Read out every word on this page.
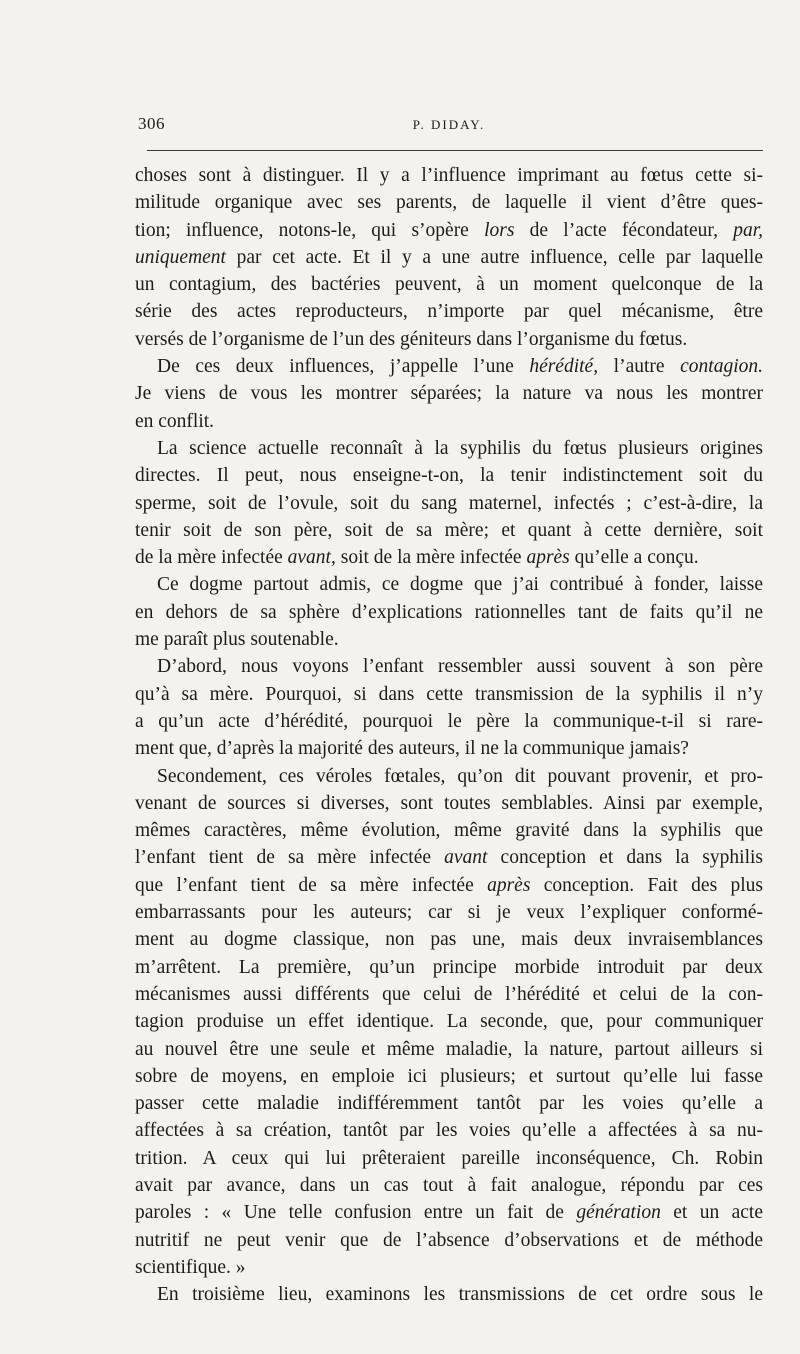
306	P. DIDAY.
choses sont à distinguer. Il y a l’influence imprimant au fœtus cette si-
militude organique avec ses parents, de laquelle il vient d’être ques-
tion; influence, notons-le, qui s’opère lors de l’acte fécondateur, par,
uniquement par cet acte. Et il y a une autre influence, celle par laquelle
un contagium, des bactéries peuvent, à un moment quelconque de la
série des actes reproducteurs, n’importe par quel mécanisme, être
versés de l’organisme de l’un des géniteurs dans l’organisme du fœtus.
De ces deux influences, j’appelle l’une hérédité, l’autre contagion.
Je viens de vous les montrer séparées; la nature va nous les montrer
en conflit.
La science actuelle reconnaît à la syphilis du fœtus plusieurs origines
directes. Il peut, nous enseigne-t-on, la tenir indistinctement soit du
sperme, soit de l’ovule, soit du sang maternel, infectés ; c’est-à-dire, la
tenir soit de son père, soit de sa mère; et quant à cette dernière, soit
de la mère infectée avant, soit de la mère infectée après qu’elle a conçu.
Ce dogme partout admis, ce dogme que j’ai contribué à fonder, laisse
en dehors de sa sphère d’explications rationnelles tant de faits qu’il ne
me paraît plus soutenable.
D’abord, nous voyons l’enfant ressembler aussi souvent à son père
qu’à sa mère. Pourquoi, si dans cette transmission de la syphilis il n’y
a qu’un acte d’hérédité, pourquoi le père la communique-t-il si rare-
ment que, d’après la majorité des auteurs, il ne la communique jamais?
Secondement, ces véroles fœtales, qu’on dit pouvant provenir, et pro-
venant de sources si diverses, sont toutes semblables. Ainsi par exemple,
mêmes caractères, même évolution, même gravité dans la syphilis que
l’enfant tient de sa mère infectée avant conception et dans la syphilis
que l’enfant tient de sa mère infectée après conception. Fait des plus
embarrassants pour les auteurs; car si je veux l’expliquer conformé-
ment au dogme classique, non pas une, mais deux invraisemblances
m’arrêtent. La première, qu’un principe morbide introduit par deux
mécanismes aussi différents que celui de l’hérédité et celui de la con-
tagion produise un effet identique. La seconde, que, pour communiquer
au nouvel être une seule et même maladie, la nature, partout ailleurs si
sobre de moyens, en emploie ici plusieurs; et surtout qu’elle lui fasse
passer cette maladie indifféremment tantôt par les voies qu’elle a
affectées à sa création, tantôt par les voies qu’elle a affectées à sa nu-
trition. A ceux qui lui prêteraient pareille inconséquence, Ch. Robin
avait par avance, dans un cas tout à fait analogue, répondu par ces
paroles : « Une telle confusion entre un fait de génération et un acte
nutritif ne peut venir que de l’absence d’observations et de méthode
scientifique. »
En troisième lieu, examinons les transmissions de cet ordre sous le
